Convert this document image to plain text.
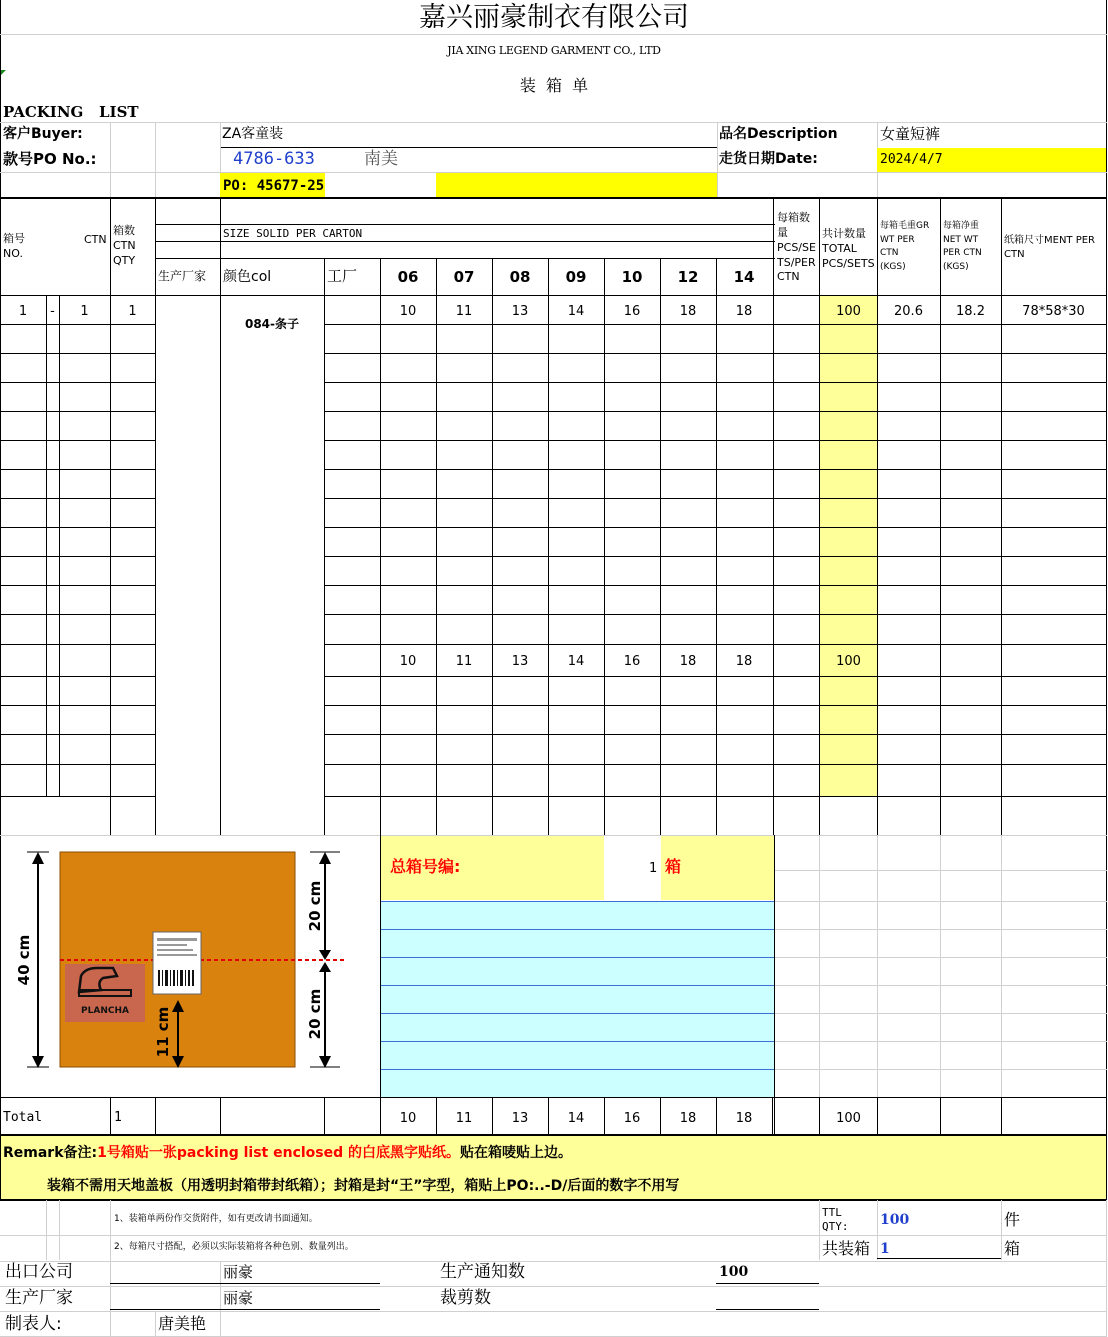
嘉兴丽豪制衣有限公司
JIA XING LEGEND GARMENT CO., LTD
装  箱  单
PACKING   LIST
客户Buyer:	ZA客童装	品名Description	女童短裤
款号PO No.:	4786-633	南美	走货日期Date:	2024/4/7
PO: 45677-25
箱号
NO.
CTN
箱数
CTN
QTY
SIZE SOLID PER CARTON
生产厂家 颜色col	工厂	06	07	08	09	10	12	14
每箱数量
PCS/SETS/PER
CTN
共计数量
TOTAL
PCS/SETS
每箱毛重GR
WT PER
CTN
(KGS)
每箱净重
NET WT
PER CTN
(KGS)
纸箱尺寸MENT PER
CTN
1	-	1	1
084-条子
10	11	13	14	16	18	18	100	20.6	18.2	78*58*30
10	11	13	14	16	18	18	100
PLANCHA
40 cm
20 cm
20 cm
11 cm
总箱号编:	1 箱
Total	1	10	11	13	14	16	18	18	100
Remark备注:1号箱贴一张packing list enclosed 的白底黑字贴纸。贴在箱唛贴上边。
装箱不需用天地盖板（用透明封箱带封纸箱）；封箱是封“王”字型，箱贴上PO:..-D/后面的数字不用写
1、装箱单两份作交货附件，如有更改请书面通知。
2、每箱尺寸搭配，必须以实际装箱将各种色别、数量列出。
TTL
QTY: 100	件
共装箱 1	箱
出口公司	丽豪	生产通知数	100
生产厂家	丽豪	裁剪数
制表人:	唐美艳
